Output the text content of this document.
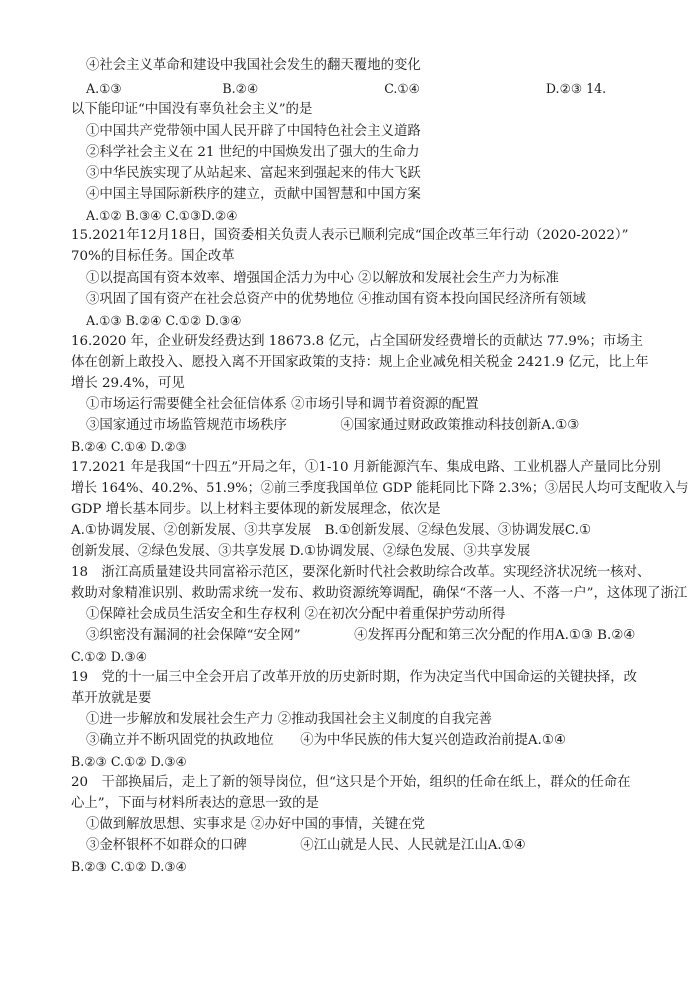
④社会主义革命和建设中我国社会发生的翻天覆地的变化
A.①③　　　　　　　　B.②④　　　　　　　　　　C.①④　　　　　　　　　　D.②③ 14.
以下能印证“中国没有辜负社会主义”的是
①中国共产党带领中国人民开辟了中国特色社会主义道路
②科学社会主义在 21 世纪的中国焕发出了强大的生命力
③中华民族实现了从站起来、富起来到强起来的伟大飞跃
④中国主导国际新秩序的建立，贡献中国智慧和中国方案
A.①② B.③④ C.①③D.②④
15.2021年12月18日，国资委相关负责人表示已顺利完成“国企改革三年行动（2020-2022）”
70%的目标任务。国企改革
①以提高国有资本效率、增强国企活力为中心 ②以解放和发展社会生产力为标准
③巩固了国有资产在社会总资产中的优势地位 ④推动国有资本投向国民经济所有领域
A.①③ B.②④ C.①② D.③④
16.2020 年，企业研发经费达到 18673.8 亿元，占全国研发经费增长的贡献达 77.9%；市场主
体在创新上敢投入、愿投入离不开国家政策的支持：规上企业减免相关税金 2421.9 亿元，比上年
增长 29.4%，可见
①市场运行需要健全社会征信体系 ②市场引导和调节着资源的配置
③国家通过市场监管规范市场秩序　　　　④国家通过财政政策推动科技创新A.①③
B.②④ C.①④ D.②③
17.2021 年是我国“十四五”开局之年，①1-10 月新能源汽车、集成电路、工业机器人产量同比分别
增长 164%、40.2%、51.9%；②前三季度我国单位 GDP 能耗同比下降 2.3%；③居民人均可支配收入与
GDP 增长基本同步。以上材料主要体现的新发展理念，依次是
A.①协调发展、②创新发展、③共享发展　B.①创新发展、②绿色发展、③协调发展C.①
创新发展、②绿色发展、③共享发展 D.①协调发展、②绿色发展、③共享发展
18　浙江高质量建设共同富裕示范区，要深化新时代社会救助综合改革。实现经济状况统一核对、
救助对象精准识别、救助需求统一发布、救助资源统筹调配，确保“不落一人、不落一户”，这体现了浙江
①保障社会成员生活安全和生存权利 ②在初次分配中着重保护劳动所得
③织密没有漏洞的社会保障“安全网”　　　　④发挥再分配和第三次分配的作用A.①③ B.②④
C.①② D.③④
19　党的十一届三中全会开启了改革开放的历史新时期，作为决定当代中国命运的关键抉择，改
革开放就是要
①进一步解放和发展社会生产力 ②推动我国社会主义制度的自我完善
③确立并不断巩固党的执政地位　　④为中华民族的伟大复兴创造政治前提A.①④
B.②③ C.①② D.③④
20　干部换届后，走上了新的领导岗位，但“这只是个开始，组织的任命在纸上，群众的任命在
心上”，下面与材料所表达的意思一致的是
①做到解放思想、实事求是 ②办好中国的事情，关键在党
③金杯银杯不如群众的口碑　　　　④江山就是人民、人民就是江山A.①④
B.②③ C.①② D.③④
